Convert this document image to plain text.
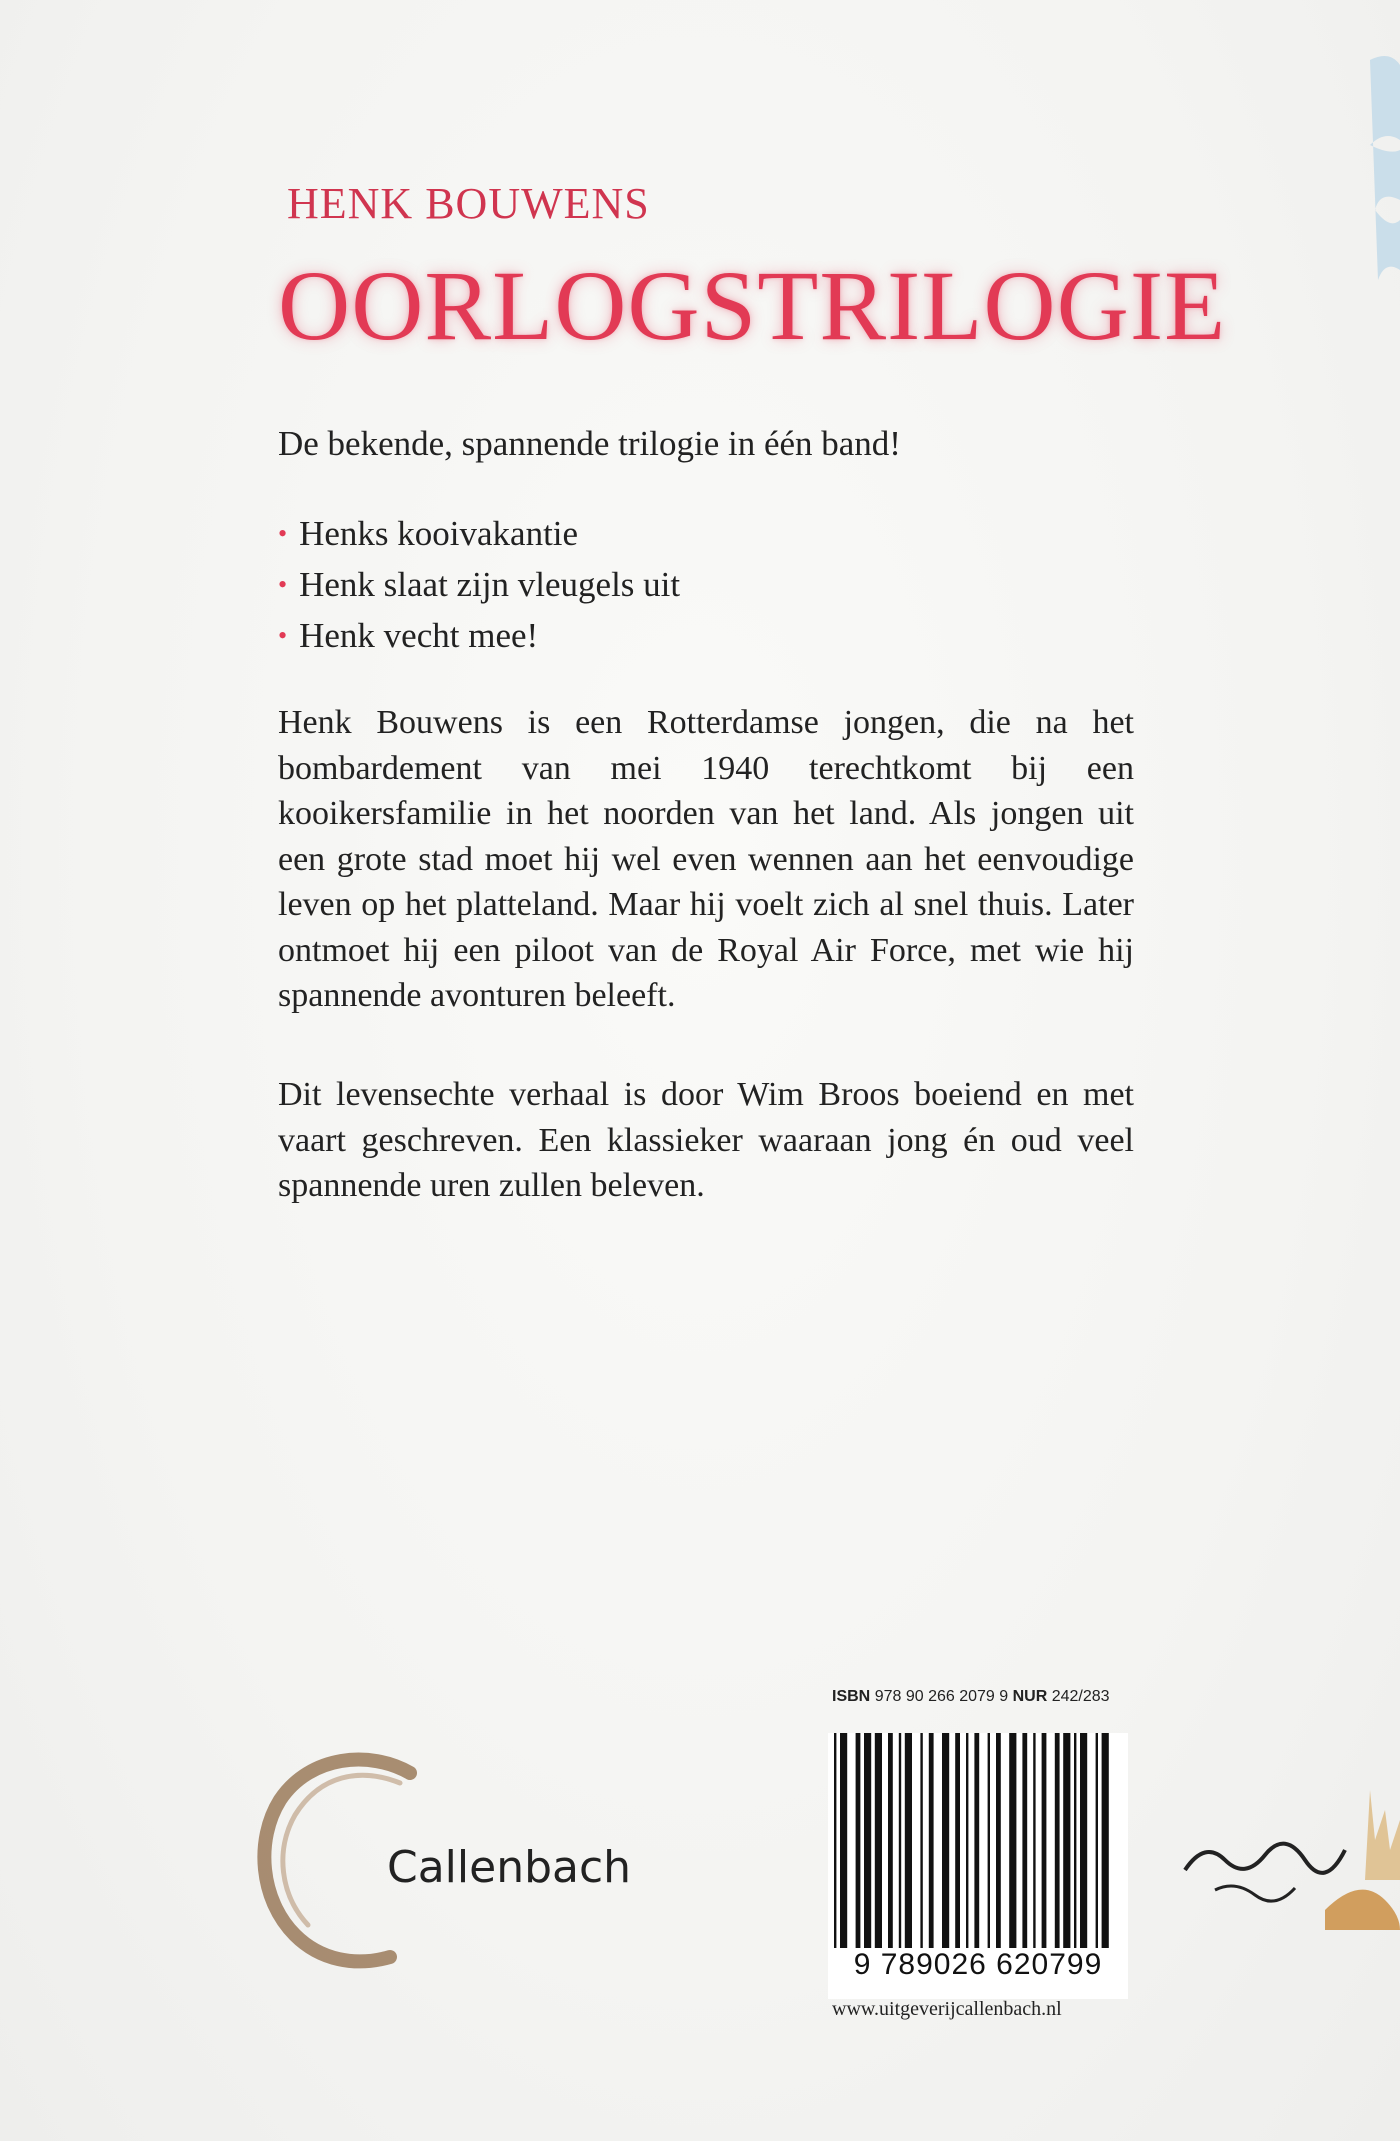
HENK BOUWENS
OORLOGSTRILOGIE
De bekende, spannende trilogie in één band!
• Henks kooivakantie
• Henk slaat zijn vleugels uit
• Henk vecht mee!
Henk Bouwens is een Rotterdamse jongen, die na het bombardement van mei 1940 terechtkomt bij een kooikersfamilie in het noorden van het land. Als jongen uit een grote stad moet hij wel even wennen aan het eenvoudige leven op het platteland. Maar hij voelt zich al snel thuis. Later ontmoet hij een piloot van de Royal Air Force, met wie hij spannende avonturen beleeft.
Dit levensechte verhaal is door Wim Broos boeiend en met vaart geschreven. Een klassieker waaraan jong én oud veel spannende uren zullen beleven.
ISBN 978 90 266 2079 9 NUR 242/283
9 789026 620799
www.uitgeverijcallenbach.nl
Callenbach
